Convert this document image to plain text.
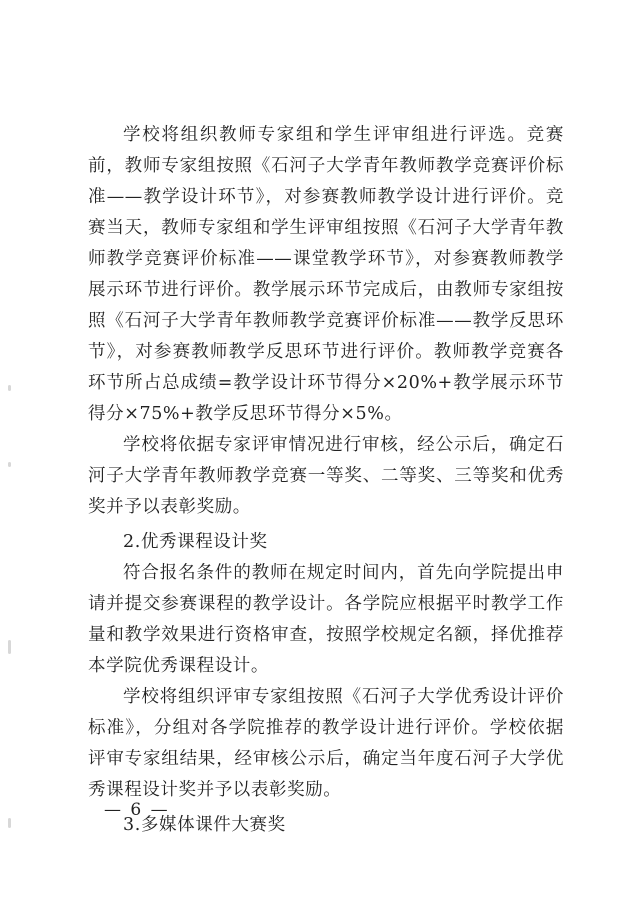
学校将组织教师专家组和学生评审组进行评选。竞赛前，教师专家组按照《石河子大学青年教师教学竞赛评价标准——教学设计环节》，对参赛教师教学设计进行评价。竞赛当天，教师专家组和学生评审组按照《石河子大学青年教师教学竞赛评价标准——课堂教学环节》，对参赛教师教学展示环节进行评价。教学展示环节完成后，由教师专家组按照《石河子大学青年教师教学竞赛评价标准——教学反思环节》，对参赛教师教学反思环节进行评价。教师教学竞赛各环节所占总成绩=教学设计环节得分×20%+教学展示环节得分×75%+教学反思环节得分×5%。

学校将依据专家评审情况进行审核，经公示后，确定石河子大学青年教师教学竞赛一等奖、二等奖、三等奖和优秀奖并予以表彰奖励。

2.优秀课程设计奖

符合报名条件的教师在规定时间内，首先向学院提出申请并提交参赛课程的教学设计。各学院应根据平时教学工作量和教学效果进行资格审查，按照学校规定名额，择优推荐本学院优秀课程设计。

学校将组织评审专家组按照《石河子大学优秀设计评价标准》，分组对各学院推荐的教学设计进行评价。学校依据评审专家组结果，经审核公示后，确定当年度石河子大学优秀课程设计奖并予以表彰奖励。

3.多媒体课件大赛奖

— 6 —
